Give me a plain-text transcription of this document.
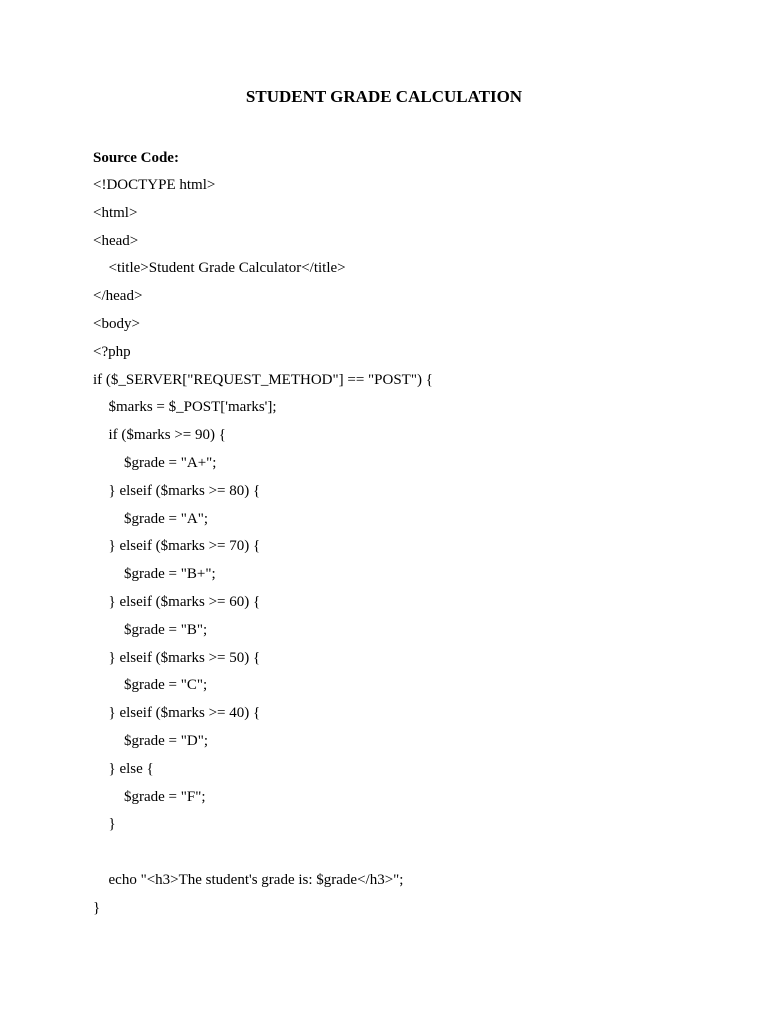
STUDENT GRADE CALCULATION

Source Code:

<!DOCTYPE html>
<html>
<head>
<title>Student Grade Calculator</title>
</head>
<body>
<?php
if ($_SERVER["REQUEST_METHOD"] == "POST") {
$marks = $_POST['marks'];
if ($marks >= 90) {
$grade = "A+";
} elseif ($marks >= 80) {
$grade = "A";
} elseif ($marks >= 70) {
$grade = "B+";
} elseif ($marks >= 60) {
$grade = "B";
} elseif ($marks >= 50) {
$grade = "C";
} elseif ($marks >= 40) {
$grade = "D";
} else {
$grade = "F";
}
echo "<h3>The student's grade is: $grade</h3>";
}
